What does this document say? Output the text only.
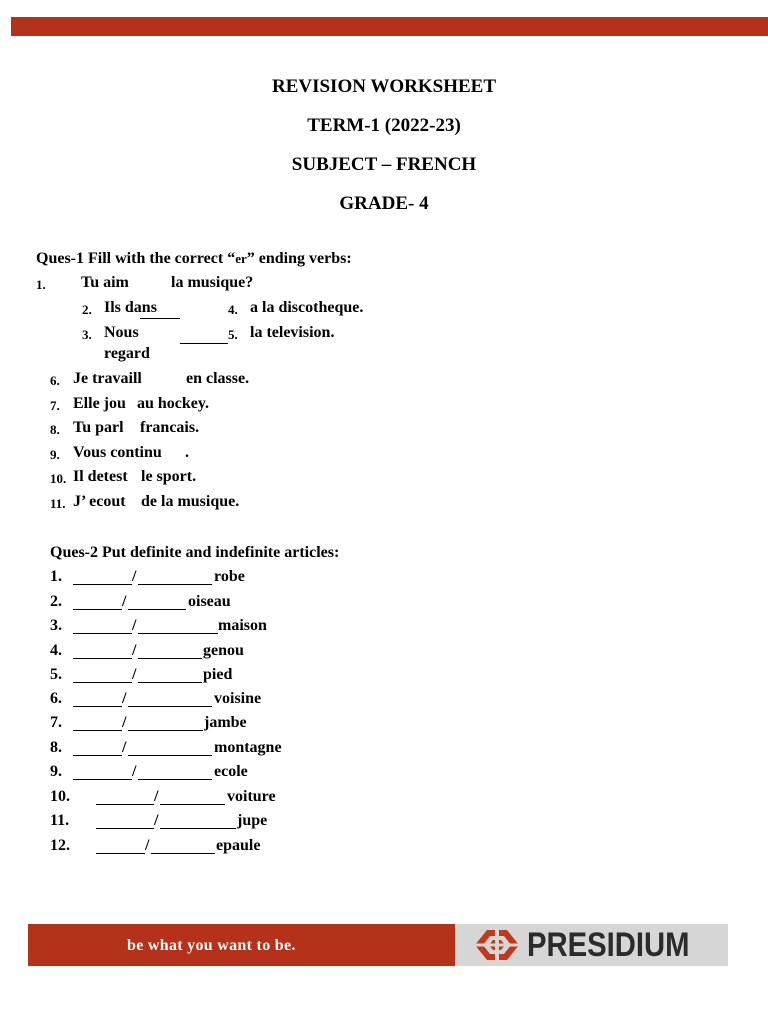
REVISION WORKSHEET
TERM-1 (2022-23)
SUBJECT – FRENCH
GRADE- 4
Ques-1 Fill with the correct “er” ending verbs:
1. Tu aim	la musique?
2. Ils dans	4. a la discotheque.
3. Nous
regard
5. la television.
6. Je travaill	en classe.
7. Elle jou au hockey.
8. Tu parl francais.
9. Vous continu .
10. Il detest le sport.
11. J’ ecout de la musique.
Ques-2 Put definite and indefinite articles:
1.	/	robe
2.	/	oiseau
3.	/	maison
4.	/	genou
5.	/	pied
6.	/	voisine
7.	/	jambe
8.	/	montagne
9.	/	ecole
10.	/	voiture
11.	/	jupe
12.	/	epaule
be what you want to be.	PRESIDIUM
